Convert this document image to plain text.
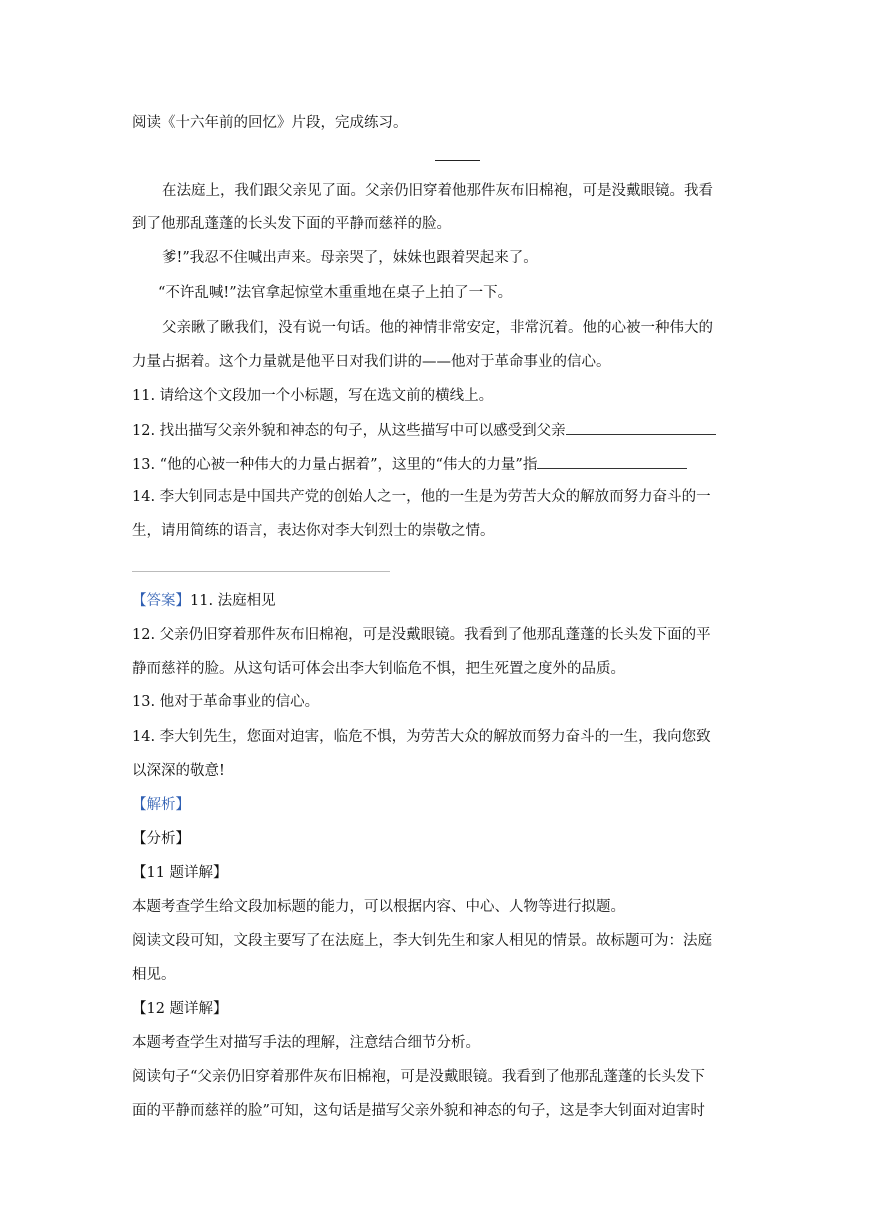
阅读《十六年前的回忆》片段，完成练习。
在法庭上，我们跟父亲见了面。父亲仍旧穿着他那件灰布旧棉袍，可是没戴眼镜。我看
到了他那乱蓬蓬的长头发下面的平静而慈祥的脸。
爹!”我忍不住喊出声来。母亲哭了，妹妹也跟着哭起来了。
“不许乱喊!”法官拿起惊堂木重重地在桌子上拍了一下。
父亲瞅了瞅我们，没有说一句话。他的神情非常安定，非常沉着。他的心被一种伟大的
力量占据着。这个力量就是他平日对我们讲的——他对于革命事业的信心。
11. 请给这个文段加一个小标题，写在选文前的横线上。
12. 找出描写父亲外貌和神态的句子，从这些描写中可以感受到父亲
13. “他的心被一种伟大的力量占据着”，这里的“伟大的力量”指
14. 李大钊同志是中国共产党的创始人之一，他的一生是为劳苦大众的解放而努力奋斗的一
生，请用简练的语言，表达你对李大钊烈士的崇敬之情。
【答案】11. 法庭相见
12. 父亲仍旧穿着那件灰布旧棉袍，可是没戴眼镜。我看到了他那乱蓬蓬的长头发下面的平
静而慈祥的脸。从这句话可体会出李大钊临危不惧，把生死置之度外的品质。
13. 他对于革命事业的信心。
14. 李大钊先生，您面对迫害，临危不惧，为劳苦大众的解放而努力奋斗的一生，我向您致
以深深的敬意!
【解析】
【分析】
【11 题详解】
本题考查学生给文段加标题的能力，可以根据内容、中心、人物等进行拟题。
阅读文段可知，文段主要写了在法庭上，李大钊先生和家人相见的情景。故标题可为：法庭
相见。
【12 题详解】
本题考查学生对描写手法的理解，注意结合细节分析。
阅读句子“父亲仍旧穿着那件灰布旧棉袍，可是没戴眼镜。我看到了他那乱蓬蓬的长头发下
面的平静而慈祥的脸”可知，这句话是描写父亲外貌和神态的句子，这是李大钊面对迫害时
